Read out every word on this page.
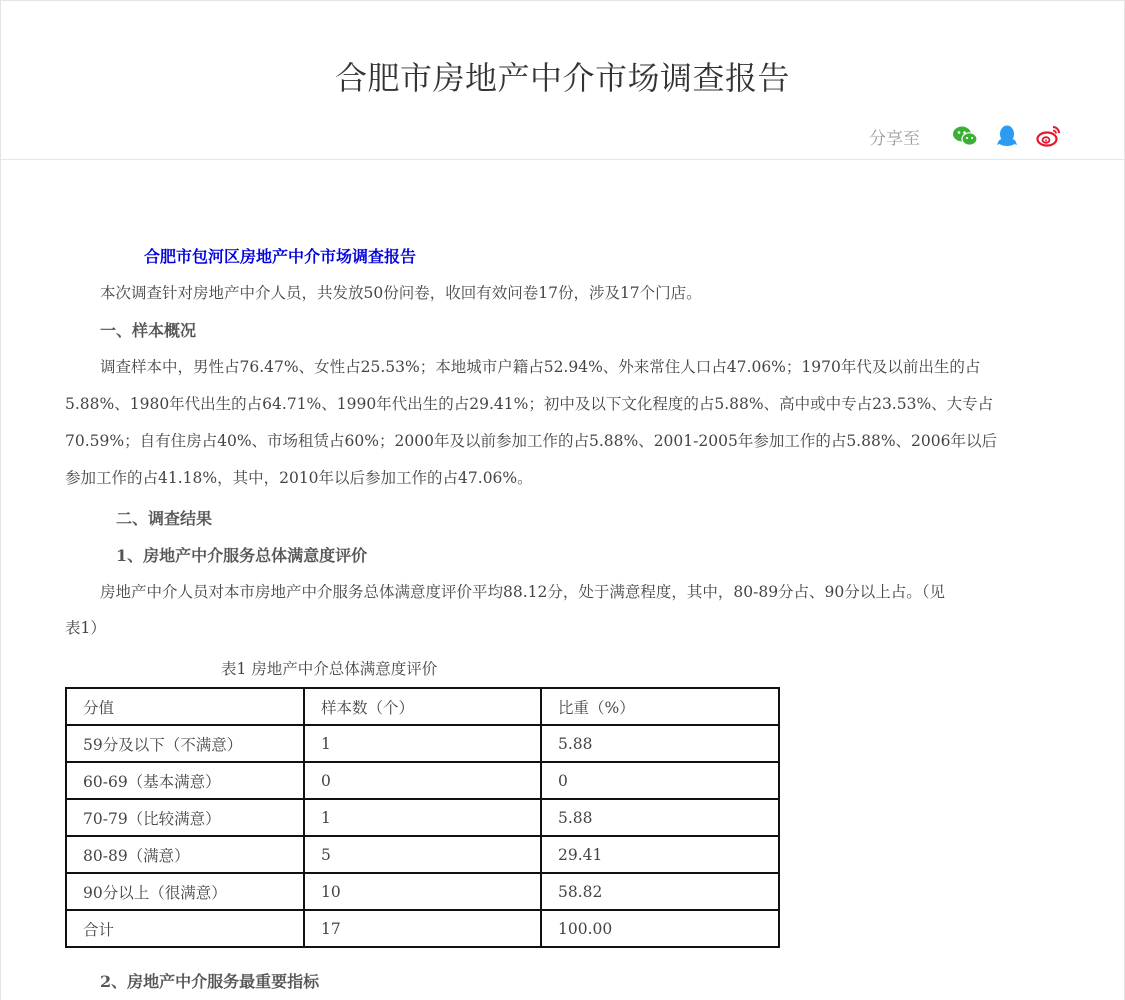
合肥市房地产中介市场调查报告
分享至
合肥市包河区房地产中介市场调查报告
本次调查针对房地产中介人员，共发放50份问卷，收回有效问卷17份，涉及17个门店。
一、样本概况
调查样本中，男性占76.47%、女性占25.53%；本地城市户籍占52.94%、外来常住人口占47.06%；1970年代及以前出生的占
5.88%、1980年代出生的占64.71%、1990年代出生的占29.41%；初中及以下文化程度的占5.88%、高中或中专占23.53%、大专占
70.59%；自有住房占40%、市场租赁占60%；2000年及以前参加工作的占5.88%、2001-2005年参加工作的占5.88%、2006年以后
参加工作的占41.18%，其中，2010年以后参加工作的占47.06%。
二、调查结果
1、房地产中介服务总体满意度评价
房地产中介人员对本市房地产中介服务总体满意度评价平均88.12分，处于满意程度，其中，80-89分占、90分以上占。（见
表1）
表1 房地产中介总体满意度评价
分值	样本数（个）	比重（%）
59分及以下（不满意）	1	5.88
60-69（基本满意）	0	0
70-79（比较满意）	1	5.88
80-89（满意）	5	29.41
90分以上（很满意）	10	58.82
合计	17	100.00
2、房地产中介服务最重要指标
